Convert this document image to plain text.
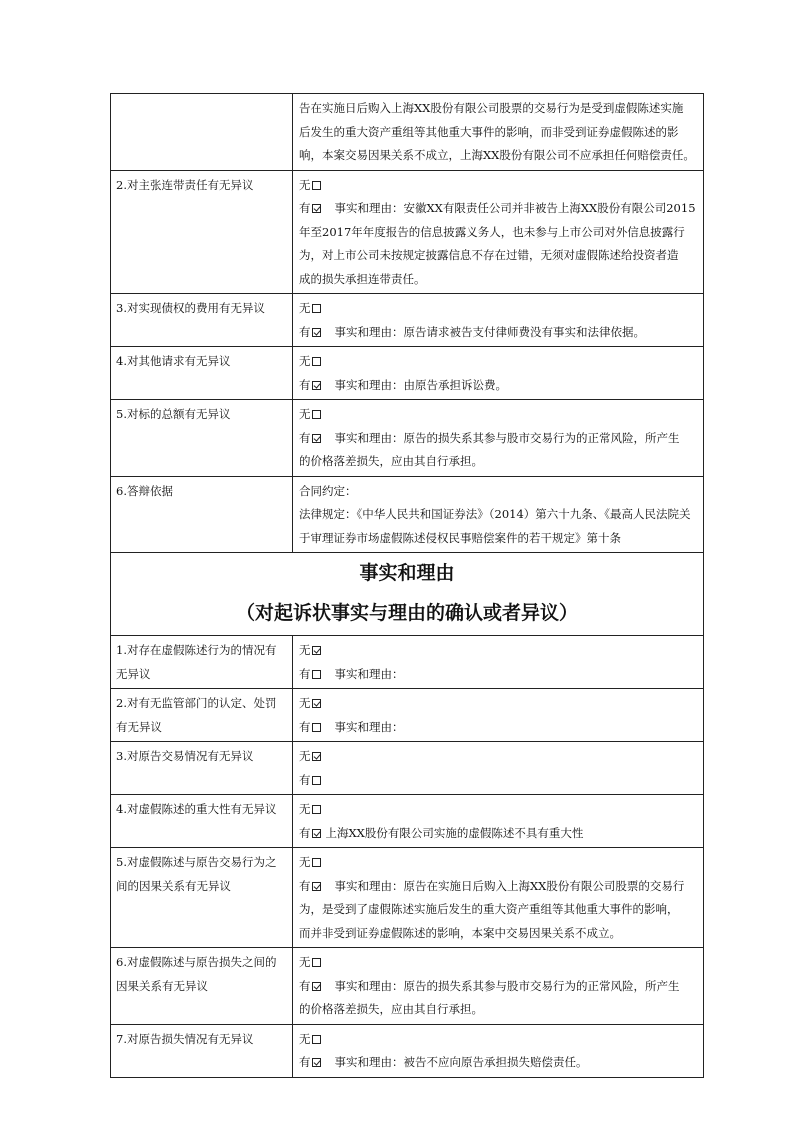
	告在实施日后购入上海XX股份有限公司股票的交易行为是受到虚假陈述实施
后发生的重大资产重组等其他重大事件的影响，而非受到证券虚假陈述的影
响，本案交易因果关系不成立，上海XX股份有限公司不应承担任何赔偿责任。

2.对主张连带责任有无异议	无
有 事实和理由：安徽XX有限责任公司并非被告上海XX股份有限公司2015
年至2017年年度报告的信息披露义务人，也未参与上市公司对外信息披露行
为，对上市公司未按规定披露信息不存在过错，无须对虚假陈述给投资者造
成的损失承担连带责任。

3.对实现债权的费用有无异议	无
有 事实和理由：原告请求被告支付律师费没有事实和法律依据。

4.对其他请求有无异议	无
有 事实和理由：由原告承担诉讼费。

5.对标的总额有无异议	无
有 事实和理由：原告的损失系其参与股市交易行为的正常风险，所产生
的价格落差损失，应由其自行承担。

6.答辩依据	合同约定：
法律规定：《中华人民共和国证券法》（2014）第六十九条、《最高人民法院关
于审理证券市场虚假陈述侵权民事赔偿案件的若干规定》第十条

事实和理由
（对起诉状事实与理由的确认或者异议）	

1.对存在虚假陈述行为的情况有
无异议	无
有 事实和理由：

2.对有无监管部门的认定、处罚
有无异议	无
有 事实和理由：

3.对原告交易情况有无异议	无
有

4.对虚假陈述的重大性有无异议	无
有 上海XX股份有限公司实施的虚假陈述不具有重大性

5.对虚假陈述与原告交易行为之
间的因果关系有无异议	无
有 事实和理由：原告在实施日后购入上海XX股份有限公司股票的交易行
为，是受到了虚假陈述实施后发生的重大资产重组等其他重大事件的影响，
而并非受到证券虚假陈述的影响，本案中交易因果关系不成立。

6.对虚假陈述与原告损失之间的
因果关系有无异议	无
有 事实和理由：原告的损失系其参与股市交易行为的正常风险，所产生
的价格落差损失，应由其自行承担。

7.对原告损失情况有无异议	无
有 事实和理由：被告不应向原告承担损失赔偿责任。
